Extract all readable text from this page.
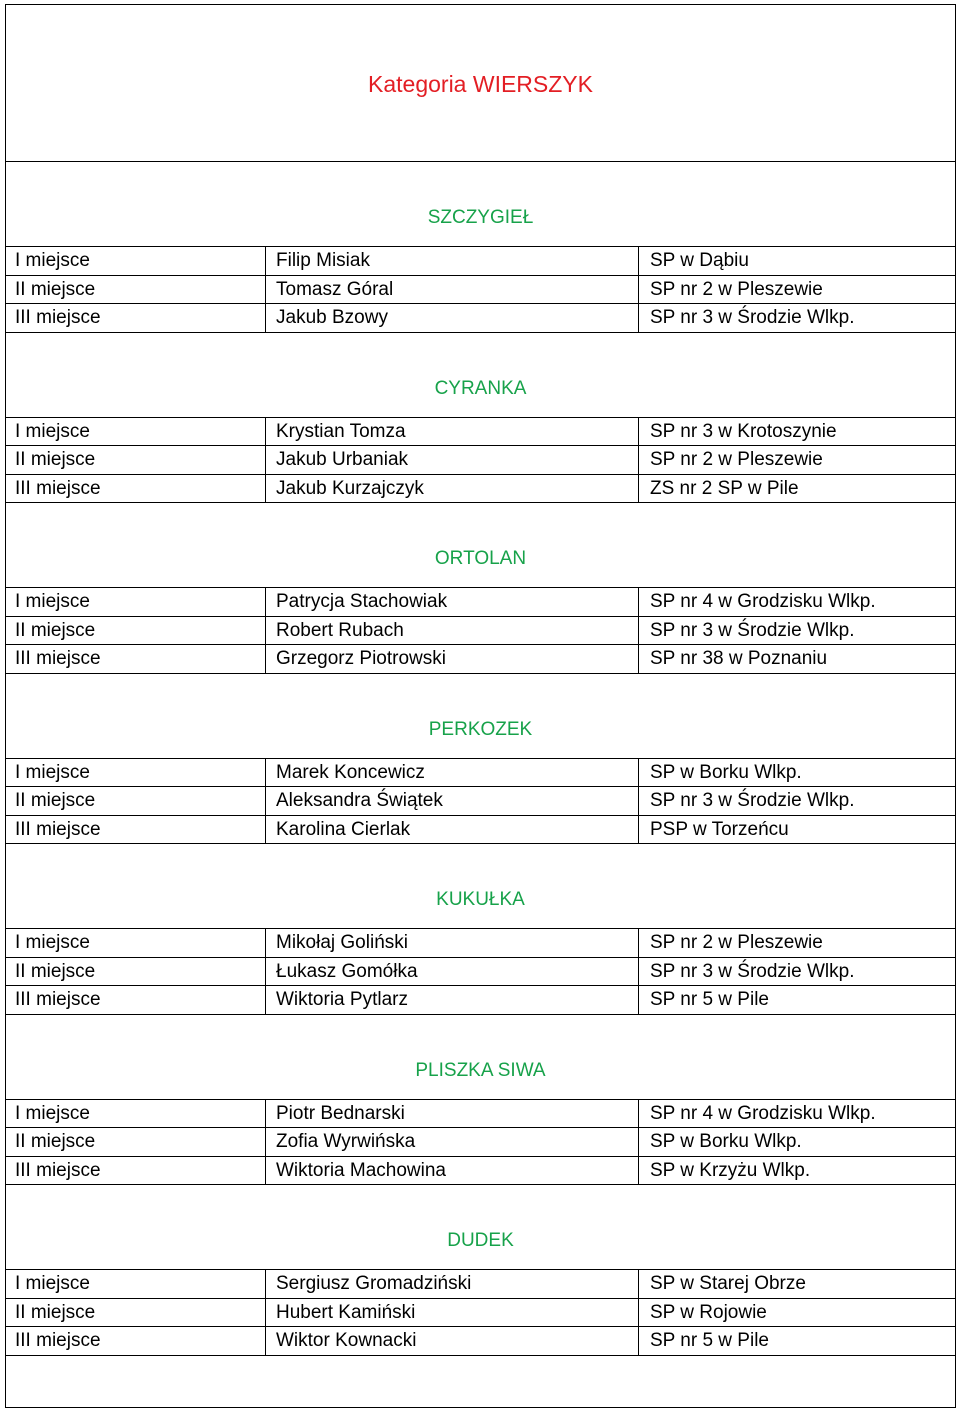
Kategoria WIERSZYK
SZCZYGIEŁ
I miejsce	Filip Misiak	SP w Dąbiu
II miejsce	Tomasz Góral	SP nr 2 w Pleszewie
III miejsce	Jakub Bzowy	SP nr 3 w Środzie Wlkp.
CYRANKA
I miejsce	Krystian Tomza	SP nr 3 w Krotoszynie
II miejsce	Jakub Urbaniak	SP nr 2 w Pleszewie
III miejsce	Jakub Kurzajczyk	ZS nr 2 SP w Pile
ORTOLAN
I miejsce	Patrycja Stachowiak	SP nr 4 w Grodzisku Wlkp.
II miejsce	Robert Rubach	SP nr 3 w Środzie Wlkp.
III miejsce	Grzegorz Piotrowski	SP nr 38 w Poznaniu
PERKOZEK
I miejsce	Marek Koncewicz	SP w Borku Wlkp.
II miejsce	Aleksandra Świątek	SP nr 3 w Środzie Wlkp.
III miejsce	Karolina Cierlak	PSP w Torzeńcu
KUKUŁKA
I miejsce	Mikołaj Goliński	SP nr 2 w Pleszewie
II miejsce	Łukasz Gomółka	SP nr 3 w Środzie Wlkp.
III miejsce	Wiktoria Pytlarz	SP nr 5 w Pile
PLISZKA SIWA
I miejsce	Piotr Bednarski	SP nr 4 w Grodzisku Wlkp.
II miejsce	Zofia Wyrwińska	SP w Borku Wlkp.
III miejsce	Wiktoria Machowina	SP w Krzyżu Wlkp.
DUDEK
I miejsce	Sergiusz Gromadziński	SP w Starej Obrze
II miejsce	Hubert Kamiński	SP w Rojowie
III miejsce	Wiktor Kownacki	SP nr 5 w Pile
